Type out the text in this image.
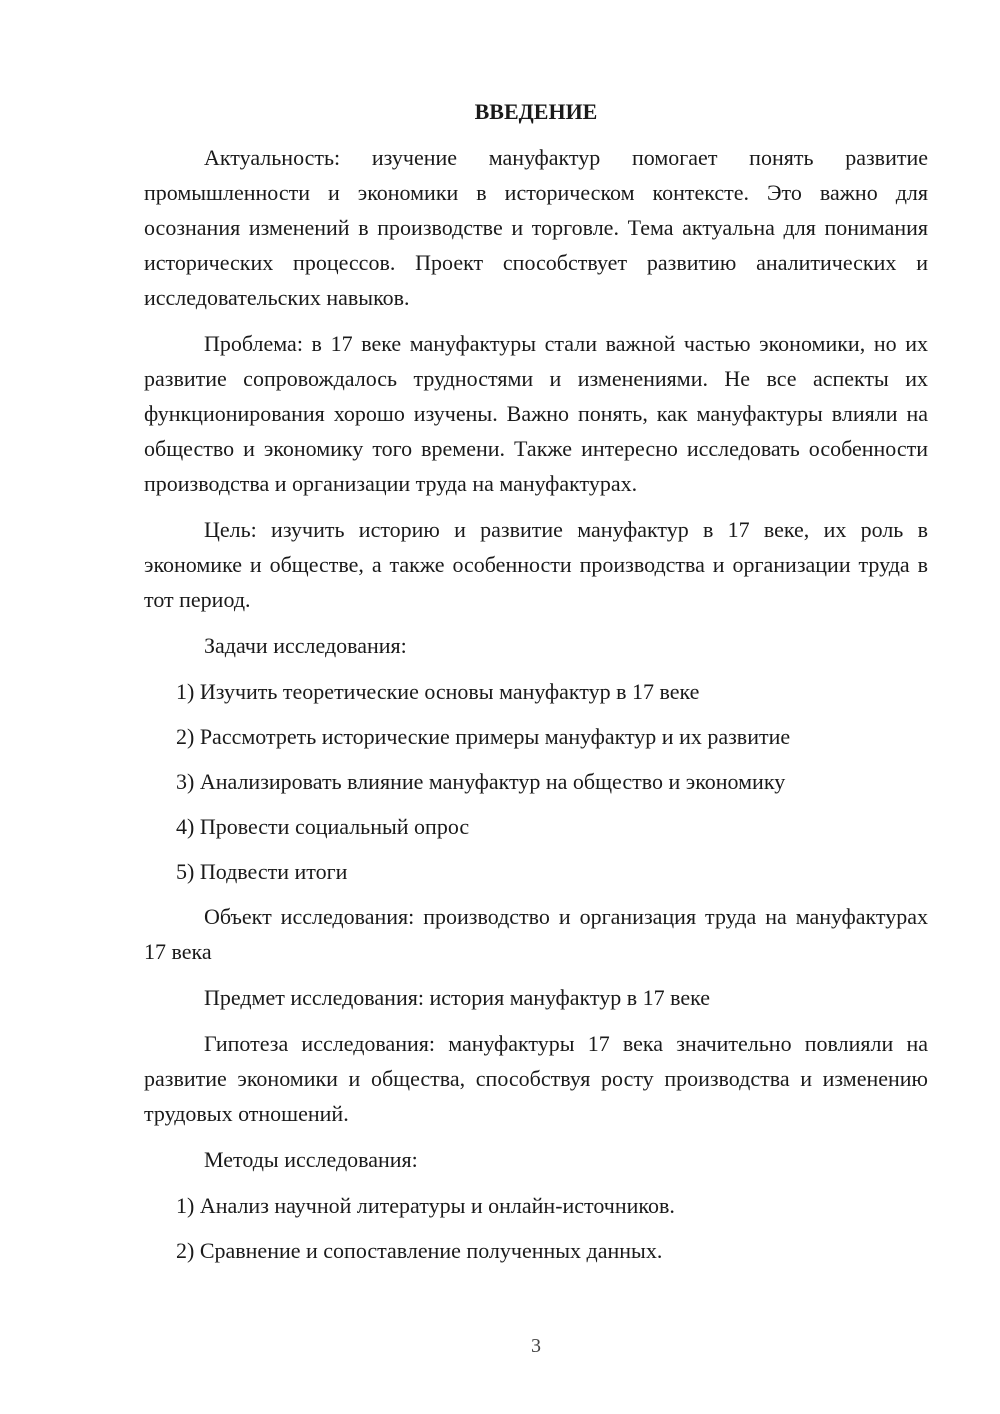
ВВЕДЕНИЕ
Актуальность: изучение мануфактур помогает понять развитие промышленности и экономики в историческом контексте. Это важно для осознания изменений в производстве и торговле. Тема актуальна для понимания исторических процессов. Проект способствует развитию аналитических и исследовательских навыков.
Проблема: в 17 веке мануфактуры стали важной частью экономики, но их развитие сопровождалось трудностями и изменениями. Не все аспекты их функционирования хорошо изучены. Важно понять, как мануфактуры влияли на общество и экономику того времени. Также интересно исследовать особенности производства и организации труда на мануфактурах.
Цель: изучить историю и развитие мануфактур в 17 веке, их роль в экономике и обществе, а также особенности производства и организации труда в тот период.
Задачи исследования:
1) Изучить теоретические основы мануфактур в 17 веке
2) Рассмотреть исторические примеры мануфактур и их развитие
3) Анализировать влияние мануфактур на общество и экономику
4) Провести социальный опрос
5) Подвести итоги
Объект исследования: производство и организация труда на мануфактурах 17 века
Предмет исследования: история мануфактур в 17 веке
Гипотеза исследования: мануфактуры 17 века значительно повлияли на развитие экономики и общества, способствуя росту производства и изменению трудовых отношений.
Методы исследования:
1) Анализ научной литературы и онлайн-источников.
2) Сравнение и сопоставление полученных данных.
3
